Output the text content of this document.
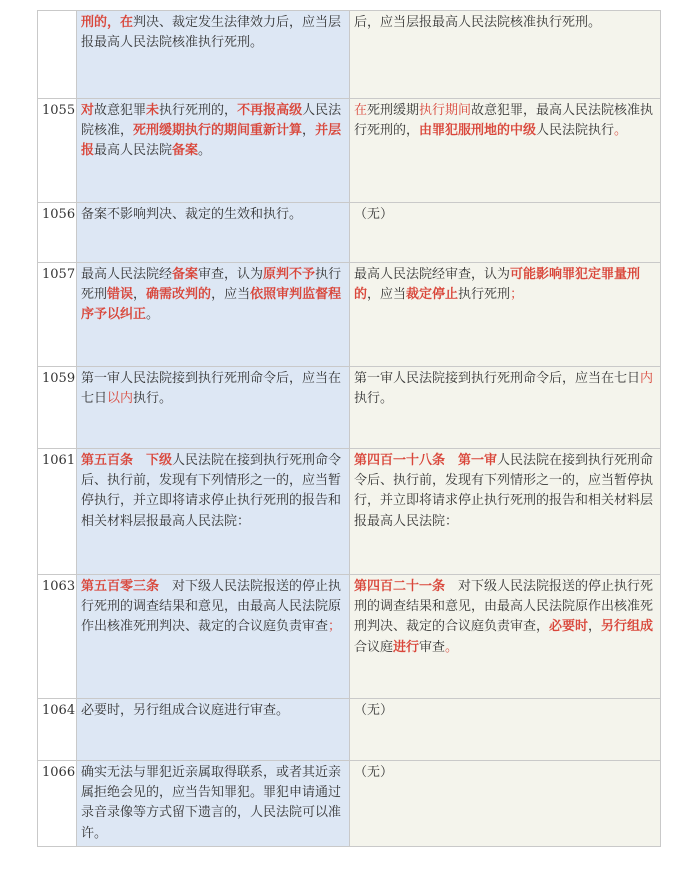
	刑的，在判决、裁定发生法律效力后，应当层报最高人民法院核准执行死刑。	后，应当层报最高人民法院核准执行死刑。
1055	对故意犯罪未执行死刑的，不再报高级人民法院核准，死刑缓期执行的期间重新计算，并层报最高人民法院备案。	在死刑缓期执行期间故意犯罪，最高人民法院核准执行死刑的，由罪犯服刑地的中级人民法院执行。
1056	备案不影响判决、裁定的生效和执行。	（无）
1057	最高人民法院经备案审查，认为原判不予执行死刑错误，确需改判的，应当依照审判监督程序予以纠正。	最高人民法院经审查，认为可能影响罪犯定罪量刑的，应当裁定停止执行死刑；
1059	第一审人民法院接到执行死刑命令后，应当在七日以内执行。	第一审人民法院接到执行死刑命令后，应当在七日内执行。
1061	第五百条　下级人民法院在接到执行死刑命令后、执行前，发现有下列情形之一的，应当暂停执行，并立即将请求停止执行死刑的报告和相关材料层报最高人民法院：	第四百一十八条　第一审人民法院在接到执行死刑命令后、执行前，发现有下列情形之一的，应当暂停执行，并立即将请求停止执行死刑的报告和相关材料层报最高人民法院：
1063	第五百零三条　对下级人民法院报送的停止执行死刑的调查结果和意见，由最高人民法院原作出核准死刑判决、裁定的合议庭负责审查；	第四百二十一条　对下级人民法院报送的停止执行死刑的调查结果和意见，由最高人民法院原作出核准死刑判决、裁定的合议庭负责审查，必要时，另行组成合议庭进行审查。
1064	必要时，另行组成合议庭进行审查。	（无）
1066	确实无法与罪犯近亲属取得联系，或者其近亲属拒绝会见的，应当告知罪犯。罪犯申请通过录音录像等方式留下遗言的，人民法院可以准许。	（无）
